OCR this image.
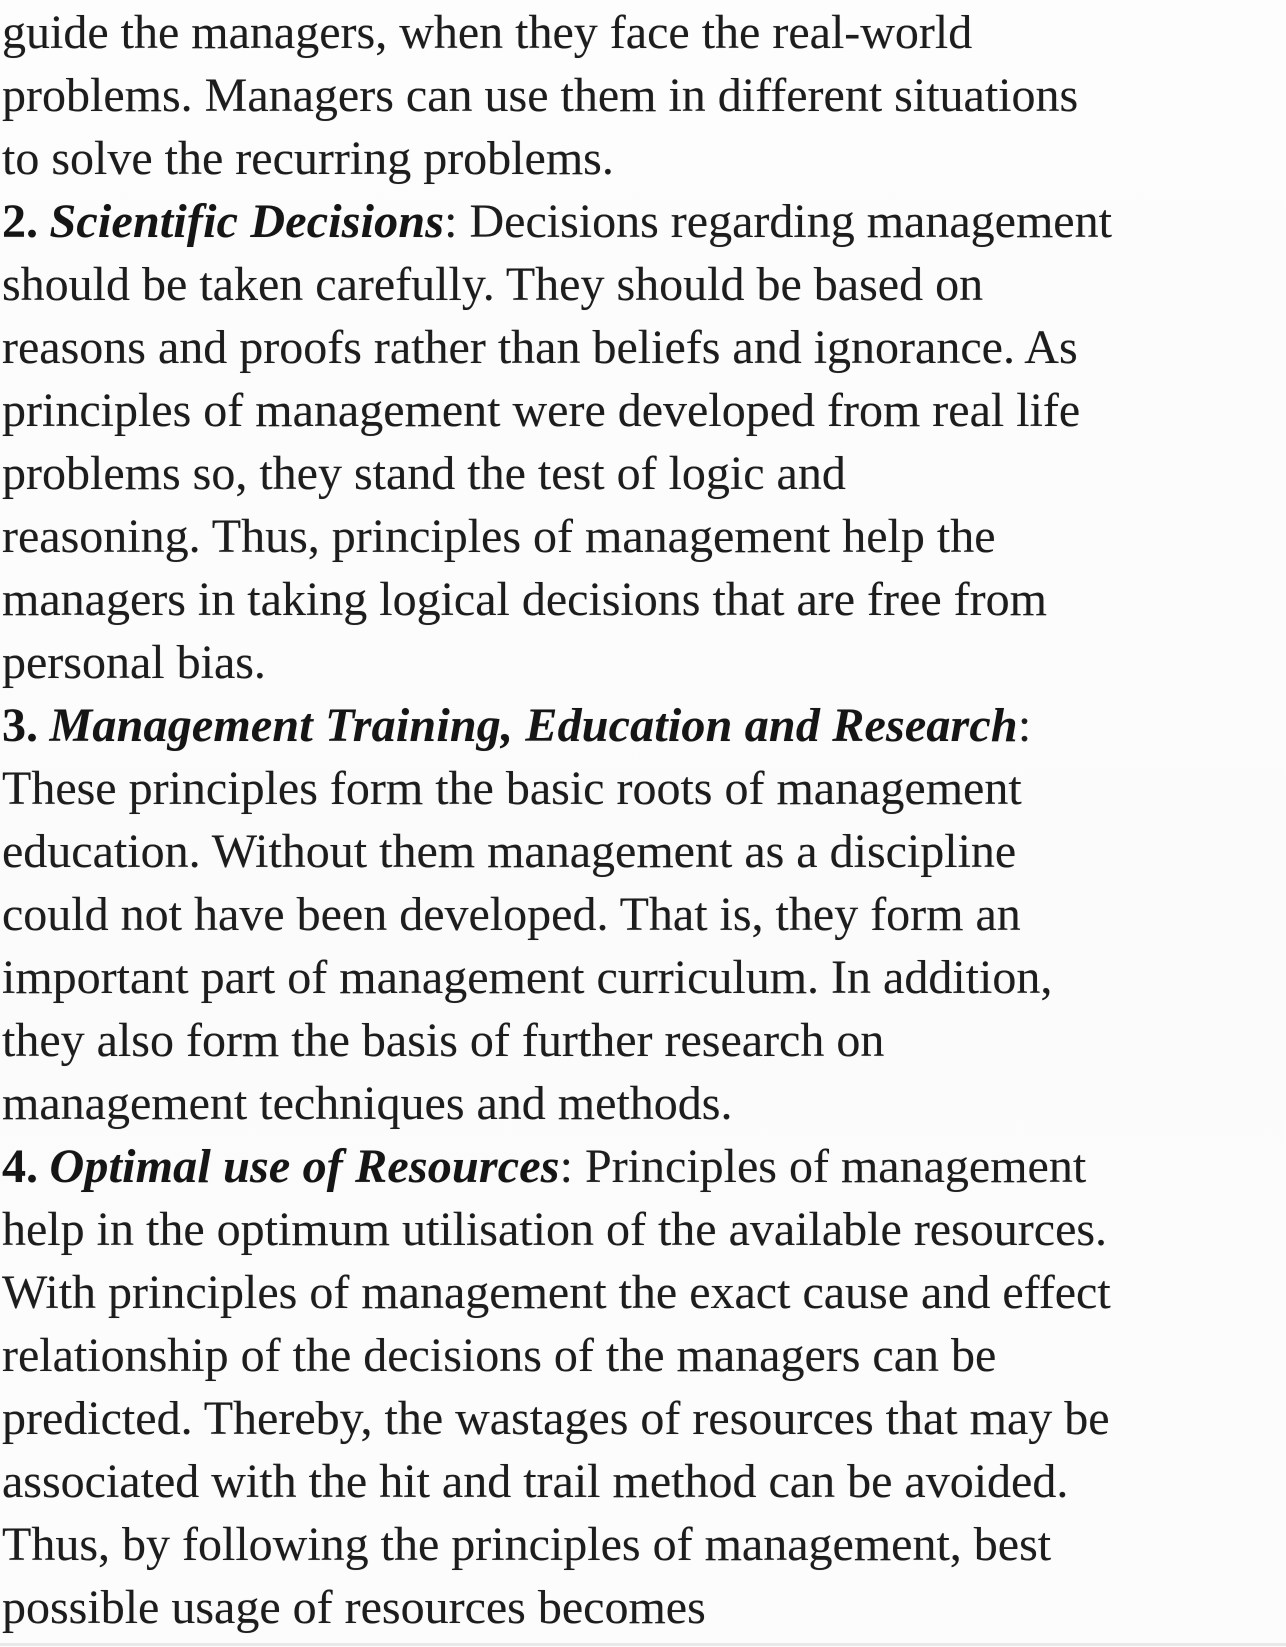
guide the managers, when they face the real-world
problems. Managers can use them in different situations
to solve the recurring problems.
2. Scientific Decisions: Decisions regarding management
should be taken carefully. They should be based on
reasons and proofs rather than beliefs and ignorance. As
principles of management were developed from real life
problems so, they stand the test of logic and
reasoning. Thus, principles of management help the
managers in taking logical decisions that are free from
personal bias.
3. Management Training, Education and Research:
These principles form the basic roots of management
education. Without them management as a discipline
could not have been developed. That is, they form an
important part of management curriculum. In addition,
they also form the basis of further research on
management techniques and methods.
4. Optimal use of Resources: Principles of management
help in the optimum utilisation of the available resources.
With principles of management the exact cause and effect
relationship of the decisions of the managers can be
predicted. Thereby, the wastages of resources that may be
associated with the hit and trail method can be avoided.
Thus, by following the principles of management, best
possible usage of resources becomes
